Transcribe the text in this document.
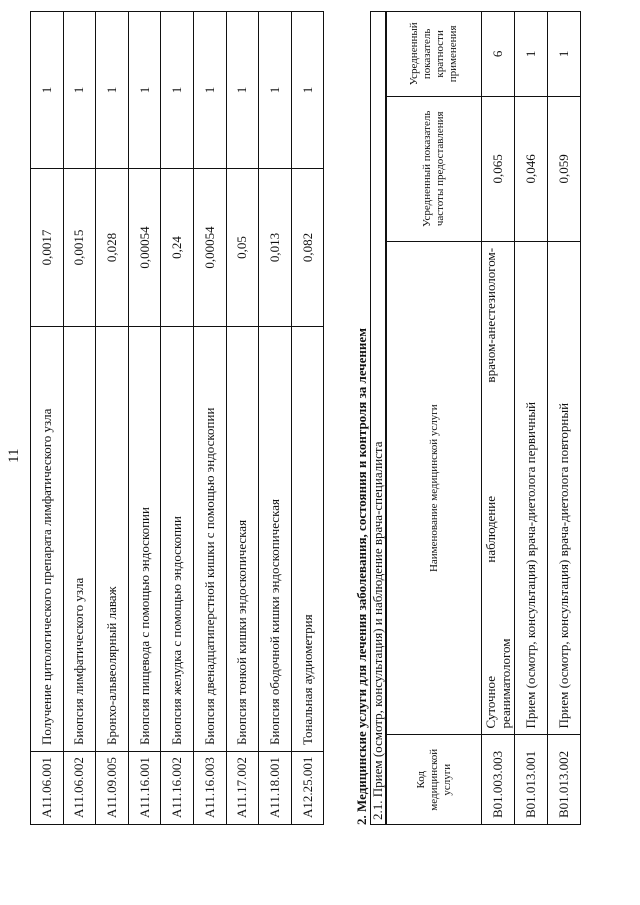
11
A11.06.001	Получение цитологического препарата лимфатического узла	0,0017	1
A11.06.002	Биопсия лимфатического узла	0,0015	1
A11.09.005	Бронхо-альвеолярный лаваж	0,028	1
A11.16.001	Биопсия пищевода с помощью эндоскопии	0,00054	1
A11.16.002	Биопсия желудка с помощью эндоскопии	0,24	1
A11.16.003	Биопсия двенадцатиперстной кишки с помощью эндоскопии	0,00054	1
A11.17.002	Биопсия тонкой кишки эндоскопическая	0,05	1
A11.18.001	Биопсия ободочной кишки эндоскопическая	0,013	1
A12.25.001	Тональная аудиометрия	0,082	1
2. Медицинские услуги для лечения заболевания, состояния и контроля за лечением 2.1. Прием (осмотр, консультация) и наблюдение врача-специалиста	Код медицинской услуги	Наименование медицинской услуги	Усредненный показатель частоты предоставления	Усредненный показатель кратности применения
B01.003.003	Суточное
наблюдение
врачом-анестезиологом-
реаниматологом	0,065	6
B01.013.001	Прием (осмотр, консультация) врача-диетолога первичный	0,046	1
B01.013.002	Прием (осмотр, консультация) врача-диетолога повторный	0,059	1
